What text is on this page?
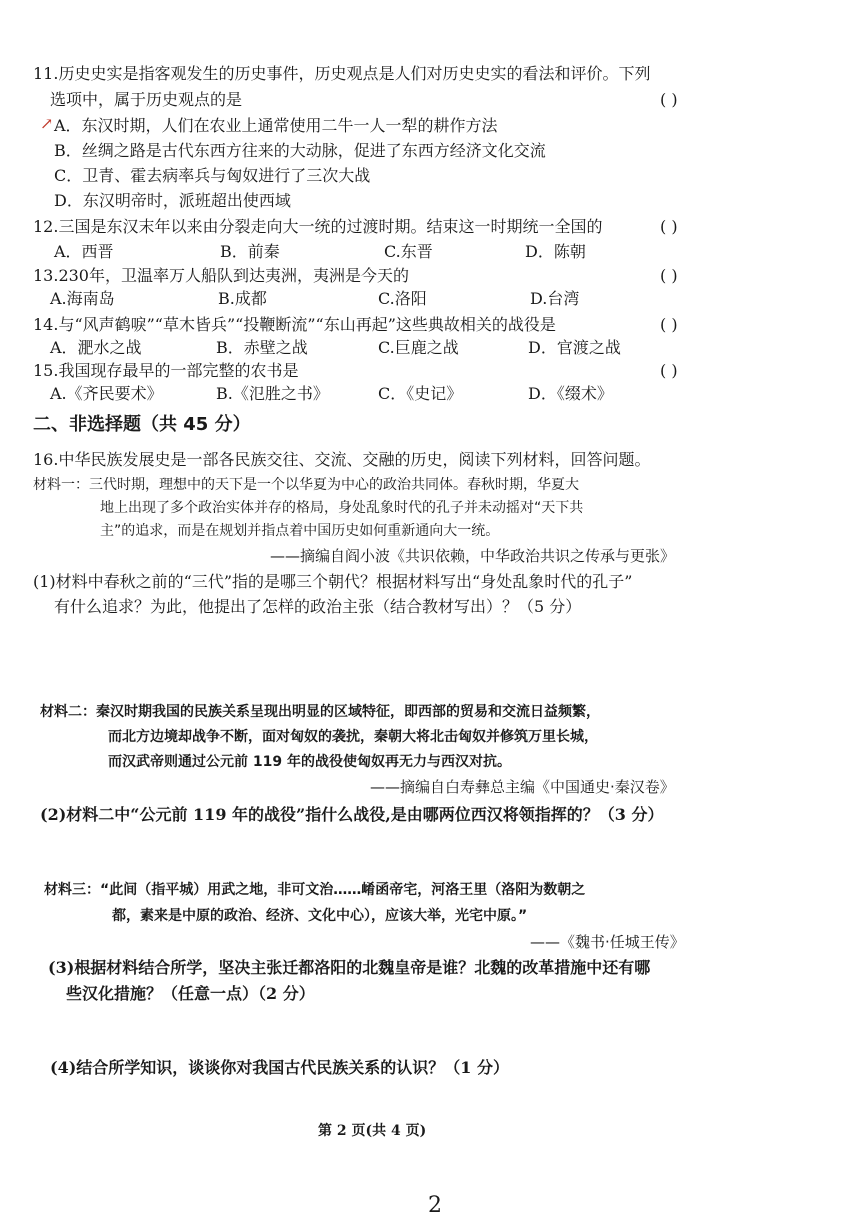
11.历史史实是指客观发生的历史事件，历史观点是人们对历史史实的看法和评价。下列
选项中，属于历史观点的是	( )
↗ A．东汉时期，人们在农业上通常使用二牛一人一犁的耕作方法
B．丝绸之路是古代东西方往来的大动脉，促进了东西方经济文化交流
C．卫青、霍去病率兵与匈奴进行了三次大战
D．东汉明帝时，派班超出使西域
12.三国是东汉末年以来由分裂走向大一统的过渡时期。结束这一时期统一全国的	( )
A．西晋	B．前秦	C.东晋	D．陈朝
13.230年，卫温率万人船队到达夷洲，夷洲是今天的	( )
A.海南岛	B.成都	C.洛阳	D.台湾
14.与“风声鹤唳”“草木皆兵”“投鞭断流”“东山再起”这些典故相关的战役是	( )
A．淝水之战	B．赤壁之战	C.巨鹿之战	D．官渡之战
15.我国现存最早的一部完整的农书是	( )
A.《齐民要术》	B.《氾胜之书》	C．《史记》	D．《缀术》
二、非选择题（共 45 分）
16.中华民族发展史是一部各民族交往、交流、交融的历史，阅读下列材料，回答问题。
材料一：三代时期，理想中的天下是一个以华夏为中心的政治共同体。春秋时期，华夏大
地上出现了多个政治实体并存的格局，身处乱象时代的孔子并未动摇对“天下共
主”的追求，而是在规划并指点着中国历史如何重新通向大一统。
——摘编自阎小波《共识依赖，中华政治共识之传承与更张》
(1)材料中春秋之前的“三代”指的是哪三个朝代？根据材料写出“身处乱象时代的孔子”
有什么追求？为此，他提出了怎样的政治主张（结合教材写出）？（5 分）
材料二：秦汉时期我国的民族关系呈现出明显的区域特征，即西部的贸易和交流日益频繁，
而北方边境却战争不断，面对匈奴的袭扰，秦朝大将北击匈奴并修筑万里长城，
而汉武帝则通过公元前 119 年的战役使匈奴再无力与西汉对抗。
——摘编自白寿彝总主编《中国通史·秦汉卷》
(2)材料二中“公元前 119 年的战役”指什么战役,是由哪两位西汉将领指挥的？（3 分）
材料三：“此间（指平城）用武之地，非可文治……崤函帝宅，河洛王里（洛阳为数朝之
都，素来是中原的政治、经济、文化中心），应该大举，光宅中原。”
——《魏书·任城王传》
(3)根据材料结合所学，坚决主张迁都洛阳的北魏皇帝是谁？北魏的改革措施中还有哪
些汉化措施？（任意一点）（2 分）
(4)结合所学知识，谈谈你对我国古代民族关系的认识？（1 分）
第 2 页(共 4 页)
2
